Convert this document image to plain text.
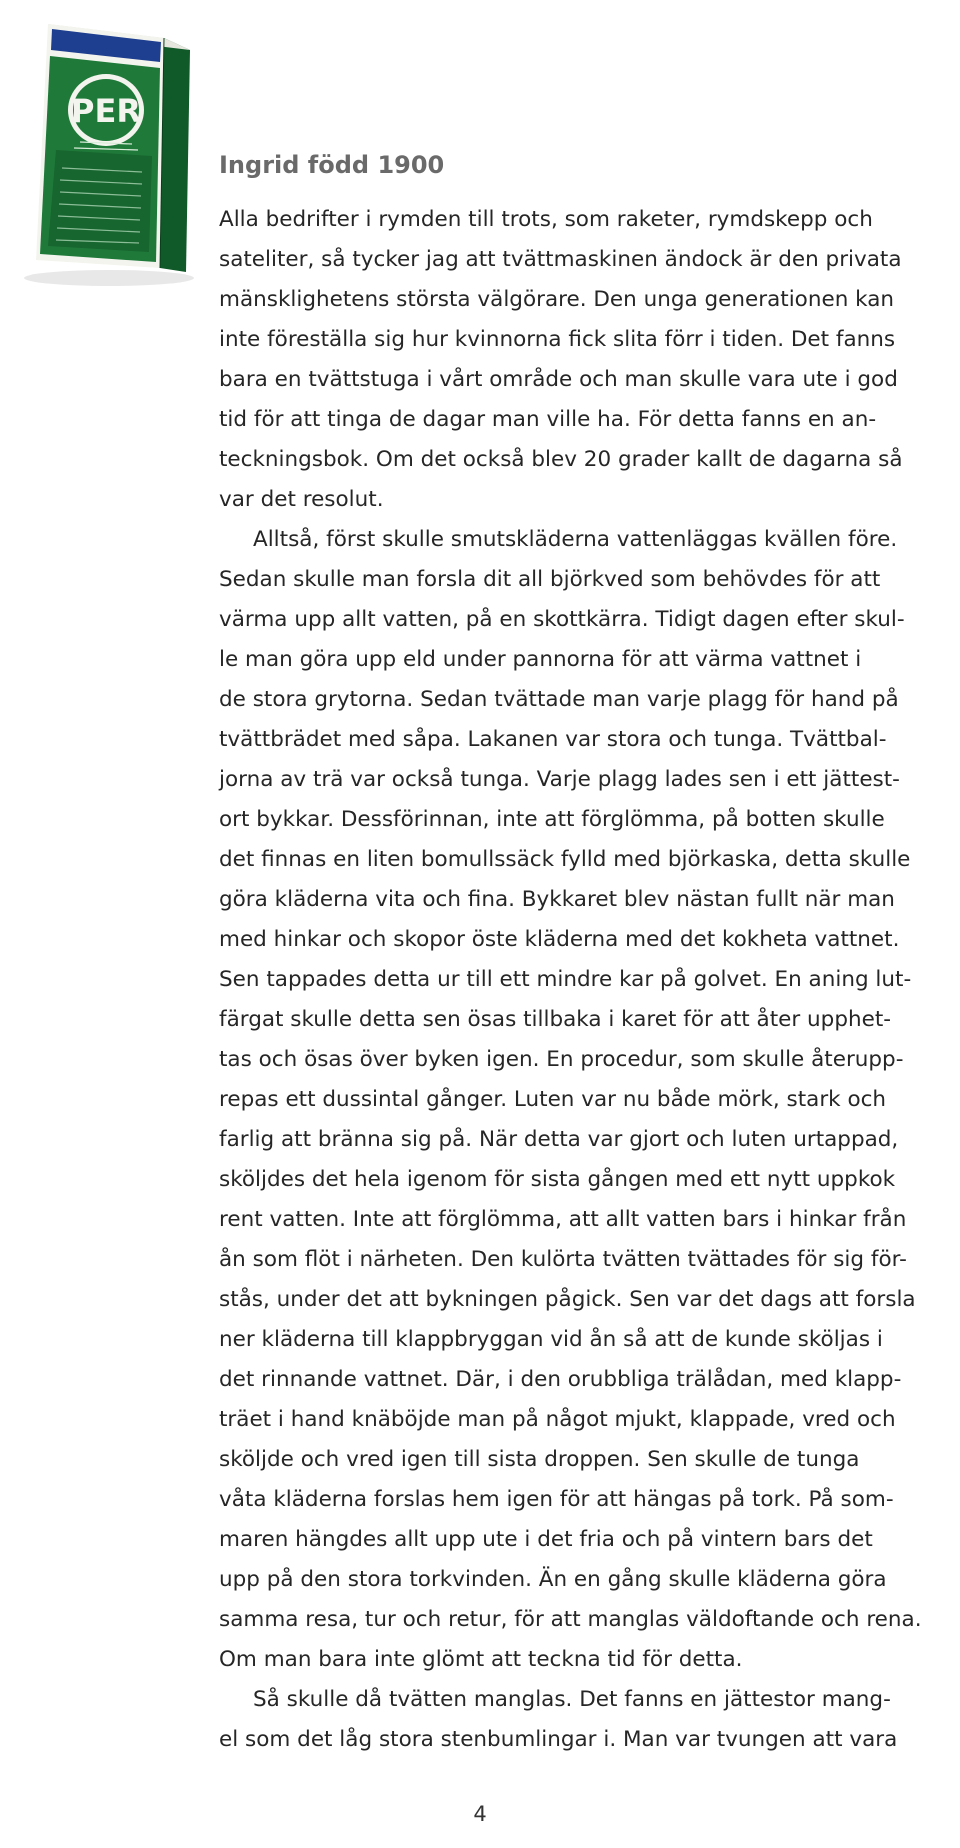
PER
Ingrid född 1900
Alla bedrifter i rymden till trots, som raketer, rymdskepp och
sateliter, så tycker jag att tvättmaskinen ändock är den privata
mänsklighetens största välgörare. Den unga generationen kan
inte föreställa sig hur kvinnorna fick slita förr i tiden. Det fanns
bara en tvättstuga i vårt område och man skulle vara ute i god
tid för att tinga de dagar man ville ha. För detta fanns en an-
teckningsbok. Om det också blev 20 grader kallt de dagarna så
var det resolut.
Alltså, först skulle smutskläderna vattenläggas kvällen före.
Sedan skulle man forsla dit all björkved som behövdes för att
värma upp allt vatten, på en skottkärra. Tidigt dagen efter skul-
le man göra upp eld under pannorna för att värma vattnet i
de stora grytorna. Sedan tvättade man varje plagg för hand på
tvättbrädet med såpa. Lakanen var stora och tunga. Tvättbal-
jorna av trä var också tunga. Varje plagg lades sen i ett jättest-
ort bykkar. Dessförinnan, inte att förglömma, på botten skulle
det finnas en liten bomullssäck fylld med björkaska, detta skulle
göra kläderna vita och fina. Bykkaret blev nästan fullt när man
med hinkar och skopor öste kläderna med det kokheta vattnet.
Sen tappades detta ur till ett mindre kar på golvet. En aning lut-
färgat skulle detta sen ösas tillbaka i karet för att åter upphet-
tas och ösas över byken igen. En procedur, som skulle återupp-
repas ett dussintal gånger. Luten var nu både mörk, stark och
farlig att bränna sig på. När detta var gjort och luten urtappad,
sköljdes det hela igenom för sista gången med ett nytt uppkok
rent vatten. Inte att förglömma, att allt vatten bars i hinkar från
ån som flöt i närheten. Den kulörta tvätten tvättades för sig för-
stås, under det att bykningen pågick. Sen var det dags att forsla
ner kläderna till klappbryggan vid ån så att de kunde sköljas i
det rinnande vattnet. Där, i den orubbliga trälådan, med klapp-
träet i hand knäböjde man på något mjukt, klappade, vred och
sköljde och vred igen till sista droppen. Sen skulle de tunga
våta kläderna forslas hem igen för att hängas på tork. På som-
maren hängdes allt upp ute i det fria och på vintern bars det
upp på den stora torkvinden. Än en gång skulle kläderna göra
samma resa, tur och retur, för att manglas väldoftande och rena.
Om man bara inte glömt att teckna tid för detta.
Så skulle då tvätten manglas. Det fanns en jättestor mang-
el som det låg stora stenbumlingar i. Man var tvungen att vara
4
